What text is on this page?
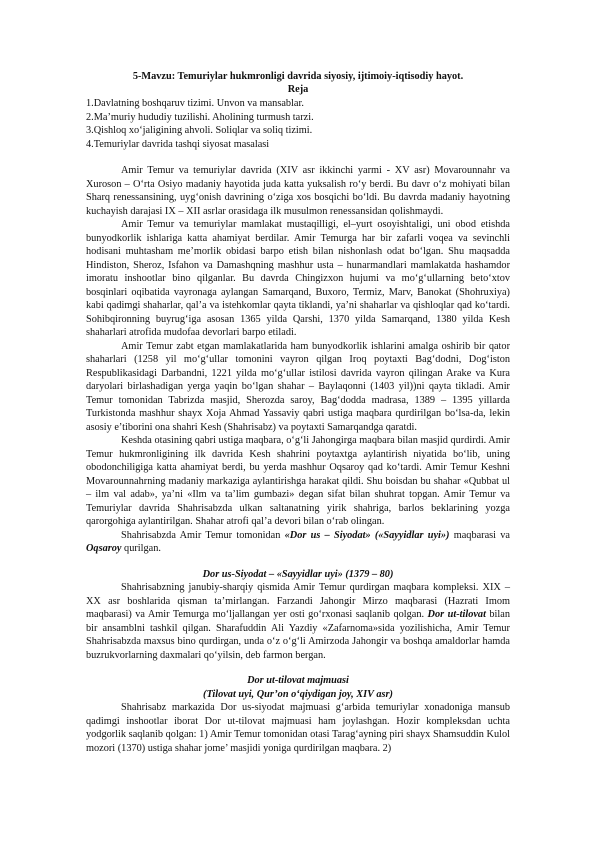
5-Mavzu: Temuriylar hukmronligi davrida siyosiy, ijtimoiy-iqtisodiy hayot.

Reja

1.Davlatning boshqaruv tizimi. Unvon va mansablar.
2.Ma’muriy hududiy tuzilishi. Aholining turmush tarzi.
3.Qishloq xo‘jaligining ahvoli. Soliqlar va soliq tizimi.
4.Temuriylar davrida tashqi siyosat masalasi

Amir Temur va temuriylar davrida (XIV asr ikkinchi yarmi - XV asr) Movarounnahr va Xuroson – O‘rta Osiyo madaniy hayotida juda katta yuksalish ro‘y berdi. Bu davr o‘z mohiyati bilan Sharq renessansining, uyg‘onish davrining o‘ziga xos bosqichi bo‘ldi. Bu davrda madaniy hayotning kuchayish darajasi IX – XII asrlar orasidaga ilk musulmon renessansidan qolishmaydi.

Amir Temur va temuriylar mamlakat mustaqilligi, el–yurt osoyishtaligi, uni obod etishda bunyodkorlik ishlariga katta ahamiyat berdilar. Amir Temurga har bir zafarli voqea va sevinchli hodisani muhtasham me’morlik obidasi barpo etish bilan nishonlash odat bo‘lgan. Shu maqsadda Hindiston, Sheroz, Isfahon va Damashqning mashhur usta – hunarmandlari mamlakatda hashamdor imoratu inshootlar bino qilganlar. Bu davrda Chingizxon hujumi va mo‘g‘ullarning beto‘xtov bosqinlari oqibatida vayronaga aylangan Samarqand, Buxoro, Termiz, Marv, Banokat (Shohruxiya) kabi qadimgi shaharlar, qal’a va istehkomlar qayta tiklandi, ya’ni shaharlar va qishloqlar qad ko‘tardi. Sohibqironning buyrug‘iga asosan 1365 yilda Qarshi, 1370 yilda Samarqand, 1380 yilda Kesh shaharlari atrofida mudofaa devorlari barpo etiladi.

Amir Temur zabt etgan mamlakatlarida ham bunyodkorlik ishlarini amalga oshirib bir qator shaharlari (1258 yil mo‘g‘ullar tomonini vayron qilgan Iroq poytaxti Bag‘dodni, Dog‘iston Respublikasidagi Darbandni, 1221 yilda mo‘g‘ullar istilosi davrida vayron qilingan Arake va Kura daryolari birlashadigan yerga yaqin bo‘lgan shahar – Baylaqonni (1403 yil))ni qayta tikladi. Amir Temur tomonidan Tabrizda masjid, Sherozda saroy, Bag‘dodda madrasa, 1389 – 1395 yillarda Turkistonda mashhur shayx Xoja Ahmad Yassaviy qabri ustiga maqbara qurdirilgan bo‘lsa-da, lekin asosiy e’tiborini ona shahri Kesh (Shahrisabz) va poytaxti Samarqandga qaratdi.

Keshda otasining qabri ustiga maqbara, o‘g‘li Jahongirga maqbara bilan masjid qurdirdi. Amir Temur hukmronligining ilk davrida Kesh shahrini poytaxtga aylantirish niyatida bo‘lib, uning obodonchiligiga katta ahamiyat berdi, bu yerda mashhur Oqsaroy qad ko‘tardi. Amir Temur Keshni Movarounnahrning madaniy markaziga aylantirishga harakat qildi. Shu boisdan bu shahar «Qubbat ul – ilm val adab», ya’ni «Ilm va ta’lim gumbazi» degan sifat bilan shuhrat topgan. Amir Temur va Temuriylar davrida Shahrisabzda ulkan saltanatning yirik shahriga, barlos beklarining yozga qarorgohiga aylantirilgan. Shahar atrofi qal’a devori bilan o‘rab olingan.

Shahrisabzda Amir Temur tomonidan «Dor us – Siyodat» («Sayyidlar uyi») maqbarasi va Oqsaroy qurilgan.

Dor us-Siyodat – «Sayyidlar uyi» (1379 – 80)

Shahrisabzning janubiy-sharqiy qismida Amir Temur qurdirgan maqbara kompleksi. XIX – XX asr boshlarida qisman ta’mirlangan. Farzandi Jahongir Mirzo maqbarasi (Hazrati Imom maqbarasi) va Amir Temurga mo‘ljallangan yer osti go‘rxonasi saqlanib qolgan. Dor ut-tilovat bilan bir ansamblni tashkil qilgan. Sharafuddin Ali Yazdiy «Zafarnoma»sida yozilishicha, Amir Temur Shahrisabzda maxsus bino qurdirgan, unda o‘z o‘g‘li Amirzoda Jahongir va boshqa amaldorlar hamda buzrukvorlarning daxmalari qo‘yilsin, deb farmon bergan.

Dor ut-tilovat majmuasi

(Tilovat uyi, Qur’on o‘qiydigan joy, XIV asr)

Shahrisabz markazida Dor us-siyodat majmuasi g‘arbida temuriylar xonadoniga mansub qadimgi inshootlar iborat Dor ut-tilovat majmuasi ham joylashgan. Hozir kompleksdan uchta yodgorlik saqlanib qolgan: 1) Amir Temur tomonidan otasi Tarag‘ayning piri shayx Shamsuddin Kulol mozori (1370) ustiga shahar jome’ masjidi yoniga qurdirilgan maqbara. 2)
